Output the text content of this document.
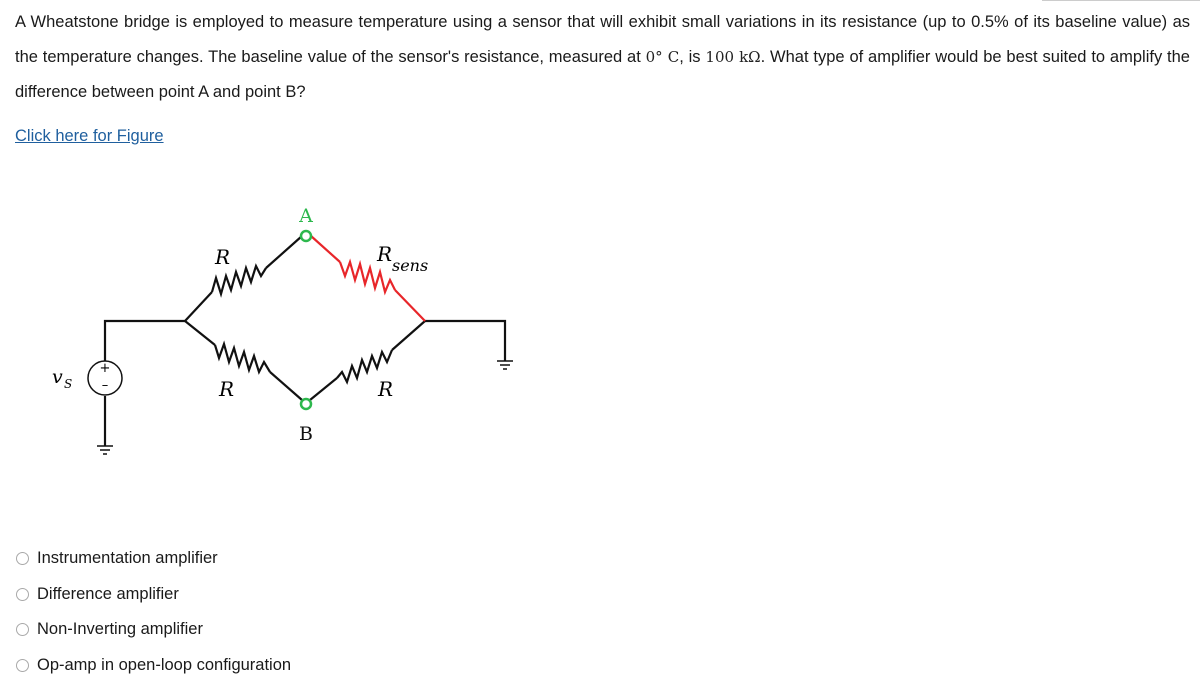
A Wheatstone bridge is employed to measure temperature using a sensor that will exhibit small variations in its resistance (up to 0.5% of its baseline value) as the temperature changes. The baseline value of the sensor's resistance, measured at 0° C, is 100 kΩ. What type of amplifier would be best suited to amplify the difference between point A and point B?
Click here for Figure
+
–
v S
A
B
R
R	R
R sens
Instrumentation amplifier
Difference amplifier
Non-Inverting amplifier
Op-amp in open-loop configuration
